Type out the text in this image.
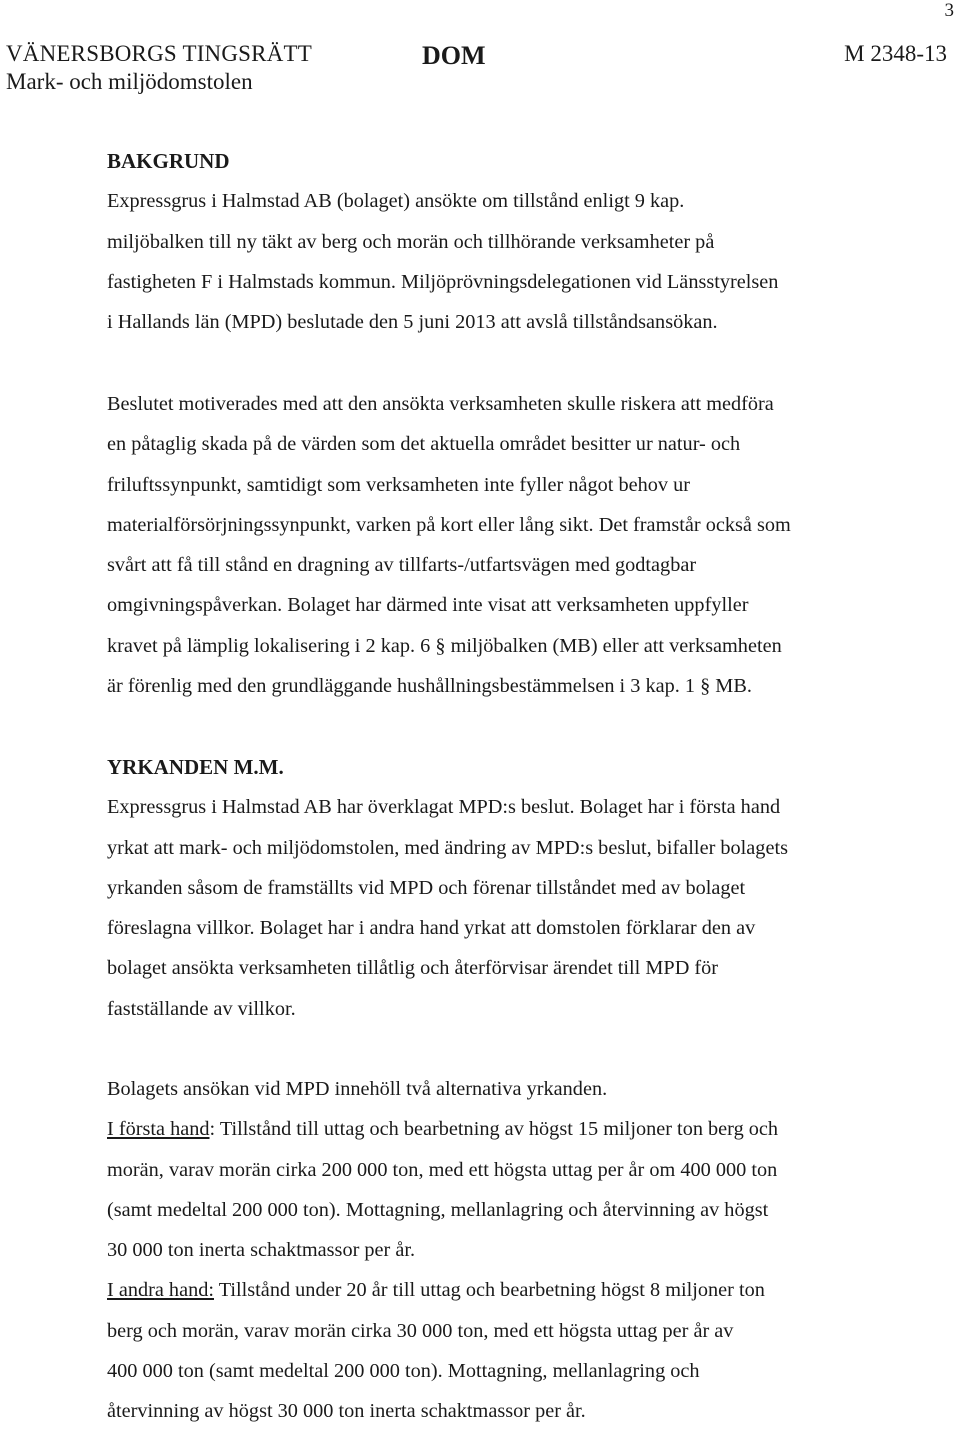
3
VÄNERSBORGS TINGSRÄTT
Mark- och miljödomstolen
DOM	M 2348-13
BAKGRUND
Expressgrus i Halmstad AB (bolaget) ansökte om tillstånd enligt 9 kap.
miljöbalken till ny täkt av berg och morän och tillhörande verksamheter på
fastigheten F i Halmstads kommun. Miljöprövningsdelegationen vid Länsstyrelsen
i Hallands län (MPD) beslutade den 5 juni 2013 att avslå tillståndsansökan.
Beslutet motiverades med att den ansökta verksamheten skulle riskera att medföra
en påtaglig skada på de värden som det aktuella området besitter ur natur- och
friluftssynpunkt, samtidigt som verksamheten inte fyller något behov ur
materialförsörjningssynpunkt, varken på kort eller lång sikt. Det framstår också som
svårt att få till stånd en dragning av tillfarts-/utfartsvägen med godtagbar
omgivningspåverkan. Bolaget har därmed inte visat att verksamheten uppfyller
kravet på lämplig lokalisering i 2 kap. 6 § miljöbalken (MB) eller att verksamheten
är förenlig med den grundläggande hushållningsbestämmelsen i 3 kap. 1 § MB.
YRKANDEN M.M.
Expressgrus i Halmstad AB har överklagat MPD:s beslut. Bolaget har i första hand
yrkat att mark- och miljödomstolen, med ändring av MPD:s beslut, bifaller bolagets
yrkanden såsom de framställts vid MPD och förenar tillståndet med av bolaget
föreslagna villkor. Bolaget har i andra hand yrkat att domstolen förklarar den av
bolaget ansökta verksamheten tillåtlig och återförvisar ärendet till MPD för
fastställande av villkor.
Bolagets ansökan vid MPD innehöll två alternativa yrkanden.
I första hand: Tillstånd till uttag och bearbetning av högst 15 miljoner ton berg och
morän, varav morän cirka 200 000 ton, med ett högsta uttag per år om 400 000 ton
(samt medeltal 200 000 ton). Mottagning, mellanlagring och återvinning av högst
30 000 ton inerta schaktmassor per år.
I andra hand: Tillstånd under 20 år till uttag och bearbetning högst 8 miljoner ton
berg och morän, varav morän cirka 30 000 ton, med ett högsta uttag per år av
400 000 ton (samt medeltal 200 000 ton). Mottagning, mellanlagring och
återvinning av högst 30 000 ton inerta schaktmassor per år.
